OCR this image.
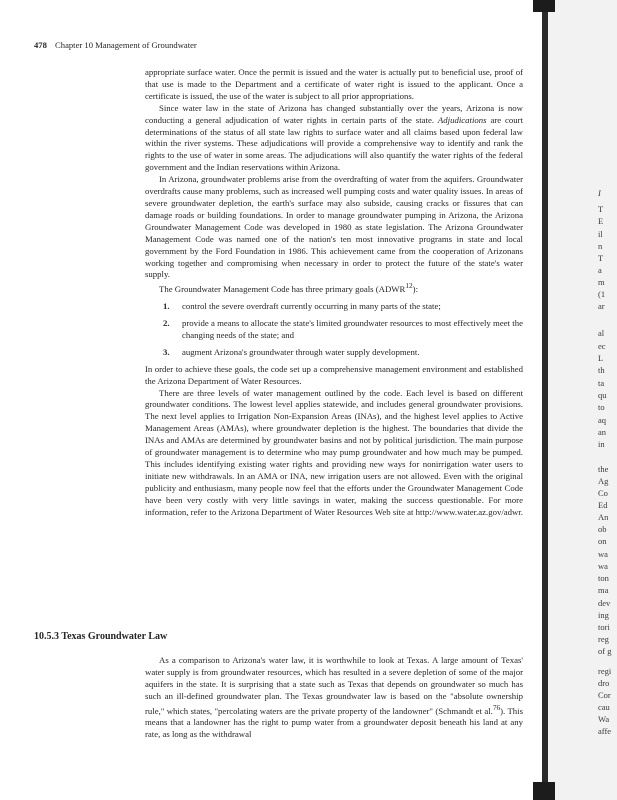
478 Chapter 10 Management of Groundwater

appropriate surface water. Once the permit is issued and the water is actually put to beneficial use, proof of that use is made to the Department and a certificate of water right is issued to the applicant. Once a certificate is issued, the use of the water is subject to all prior appropriations.

Since water law in the state of Arizona has changed substantially over the years, Arizona is now conducting a general adjudication of water rights in certain parts of the state. Adjudications are court determinations of the status of all state law rights to surface water and all claims based upon federal law within the river systems. These adjudications will provide a comprehensive way to identify and rank the rights to the use of water in some areas. The adjudications will also quantify the water rights of the federal government and the Indian reservations within Arizona.

In Arizona, groundwater problems arise from the overdrafting of water from the aquifers. Groundwater overdrafts cause many problems, such as increased well pumping costs and water quality issues. In areas of severe groundwater depletion, the earth's surface may also subside, causing cracks or fissures that can damage roads or building foundations. In order to manage groundwater pumping in Arizona, the Arizona Groundwater Management Code was developed in 1980 as state legislation. The Arizona Groundwater Management Code was named one of the nation's ten most innovative programs in state and local government by the Ford Foundation in 1986. This achievement came from the cooperation of Arizonans working together and compromising when necessary in order to protect the future of the state's water supply.

The Groundwater Management Code has three primary goals (ADWR$^{12}$):

1.	control the severe overdraft currently occurring in many parts of the state;
2.	provide a means to allocate the state's limited groundwater resources to most effectively meet the changing needs of the state; and
3.	augment Arizona's groundwater through water supply development.

In order to achieve these goals, the code set up a comprehensive management environment and established the Arizona Department of Water Resources.

There are three levels of water management outlined by the code. Each level is based on different groundwater conditions. The lowest level applies statewide, and includes general groundwater provisions. The next level applies to Irrigation Non-Expansion Areas (INAs), and the highest level applies to Active Management Areas (AMAs), where groundwater depletion is the highest. The boundaries that divide the INAs and AMAs are determined by groundwater basins and not by political jurisdiction. The main purpose of groundwater management is to determine who may pump groundwater and how much may be pumped. This includes identifying existing water rights and providing new ways for nonirrigation water users to initiate new withdrawals. In an AMA or INA, new irrigation users are not allowed. Even with the original publicity and enthusiasm, many people now feel that the efforts under the Groundwater Management Code have been very costly with very little savings in water, making the success questionable. For more information, refer to the Arizona Department of Water Resources Web site at http://www.water.az.gov/adwr.

10.5.3 Texas Groundwater Law

As a comparison to Arizona's water law, it is worthwhile to look at Texas. A large amount of Texas' water supply is from groundwater resources, which has resulted in a severe depletion of some of the major aquifers in the state. It is surprising that a state such as Texas that depends on groundwater so much has such an ill-defined groundwater plan. The Texas groundwater law is based on the "absolute ownership rule," which states, "percolating waters are the private property of the landowner" (Schmandt et al.$^{76}$). This means that a landowner has the right to pump water from a groundwater deposit beneath his land at any rate, as long as the withdrawal

I
T
E
il
n
T
a
m
(1
ar
al
ec
L
th
ta
qu
to
aq
an
in
the
Ag
Co
Ed
An
ob
on
wa
wa
ton
ma
dev
ing
tori
reg
of g
regi
dro
Cor
cau
Wa
affe
